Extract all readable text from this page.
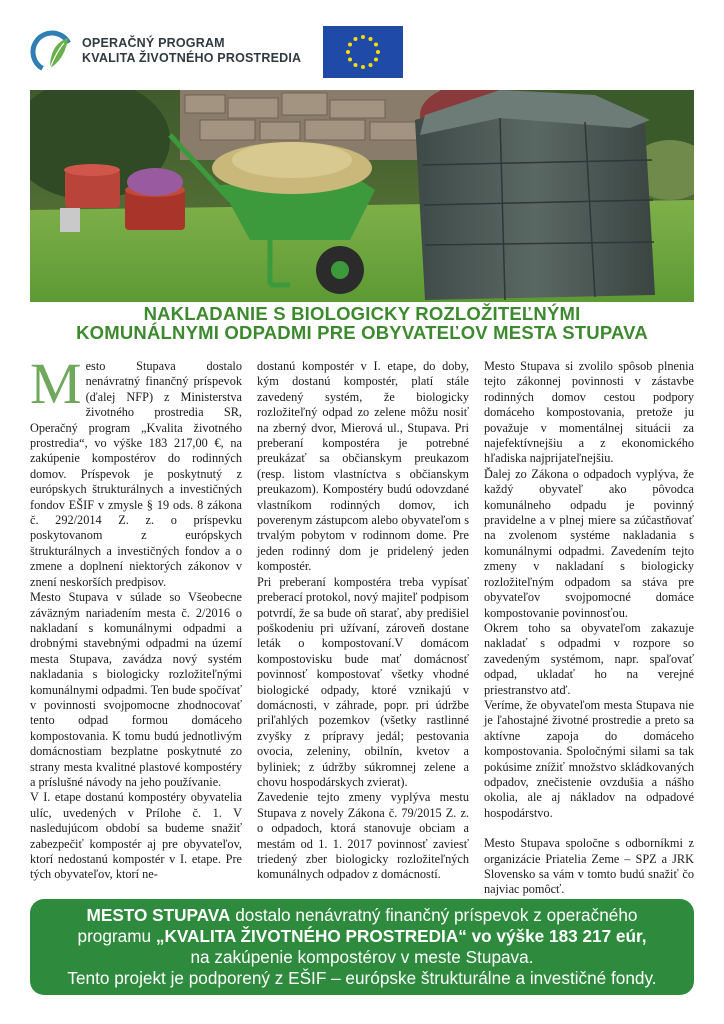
OPERAČNÝ PROGRAM
KVALITA ŽIVOTNÉHO PROSTREDIA
NAKLADANIE S BIOLOGICKY ROZLOŽITEĽNÝMI
KOMUNÁLNYMI ODPADMI PRE OBYVATEĽOV MESTA STUPAVA

Mesto Stupava dostalo nenávratný finančný príspevok (ďalej NFP) z Ministerstva životného prostredia SR, Operačný program „Kvalita životného prostredia“, vo výške 183 217,00 €, na zakúpenie kompostérov do rodinných domov. Príspevok je poskytnutý z európskych štrukturálnych a investičných fondov EŠIF v zmysle § 19 ods. 8 zákona č. 292/2014 Z. z. o príspevku poskytovanom z európskych štrukturálnych a investičných fondov a o zmene a doplnení niektorých zákonov v znení neskorších predpisov.

Mesto Stupava v súlade so Všeobecne záväzným nariadením mesta č. 2/2016 o nakladaní s komunálnymi odpadmi a drobnými stavebnými odpadmi na území mesta Stupava, zavádza nový systém nakladania s biologicky rozložiteľnými komunálnymi odpadmi. Ten bude spočívať v povinnosti svojpomocne zhodnocovať tento odpad formou domáceho kompostovania. K tomu budú jednotlivým domácnostiam bezplatne poskytnuté zo strany mesta kvalitné plastové kompostéry a príslušné návody na jeho používanie.

V I. etape dostanú kompostéry obyvatelia ulíc, uvedených v Prílohe č. 1. V nasledujúcom období sa budeme snažiť zabezpečiť kompostér aj pre obyvateľov, ktorí nedostanú kompostér v I. etape. Pre tých obyvateľov, ktorí ne-

dostanú kompostér v I. etape, do doby, kým dostanú kompostér, platí stále zavedený systém, že biologicky rozložiteľný odpad zo zelene môžu nosiť na zberný dvor, Mierová ul., Stupava. Pri preberaní kompostéra je potrebné preukázať sa občianskym preukazom (resp. listom vlastníctva s občianskym preukazom). Kompostéry budú odovzdané vlastníkom rodinných domov, ich poverenym zástupcom alebo obyvateľom s trvalým pobytom v rodinnom dome. Pre jeden rodinný dom je pridelený jeden kompostér.

Pri preberaní kompostéra treba vypísať preberací protokol, nový majiteľ podpisom potvrdí, že sa bude oň starať, aby predišiel poškodeniu pri užívaní, zároveň dostane leták o kompostovaní.V domácom kompostovisku bude mať domácnosť povinnosť kompostovať všetky vhodné biologické odpady, ktoré vznikajú v domácnosti, v záhrade, popr. pri údržbe priľahlých pozemkov (všetky rastlinné zvyšky z prípravy jedál; pestovania ovocia, zeleniny, obilnín, kvetov a byliniek; z údržby súkromnej zelene a chovu hospodárskych zvierat).

Zavedenie tejto zmeny vyplýva mestu Stupava z novely Zákona č. 79/2015 Z. z. o odpadoch, ktorá stanovuje obciam a mestám od 1. 1. 2017 povinnosť zaviesť triedený zber biologicky rozložiteľných komunálnych odpadov z domácností.

Mesto Stupava si zvolilo spôsob plnenia tejto zákonnej povinnosti v zástavbe rodinných domov cestou podpory domáceho kompostovania, pretože ju považuje v momentálnej situácii za najefektívnejšiu a z ekonomického hľadiska najprijateľnejšiu.

Ďalej zo Zákona o odpadoch vyplýva, že každý obyvateľ ako pôvodca komunálneho odpadu je povinný pravidelne a v plnej miere sa zúčastňovať na zvolenom systéme nakladania s komunálnymi odpadmi. Zavedením tejto zmeny v nakladaní s biologicky rozložiteľným odpadom sa stáva pre obyvateľov svojpomocné domáce kompostovanie povinnosťou.

Okrem toho sa obyvateľom zakazuje nakladať s odpadmi v rozpore so zavedeným systémom, napr. spaľovať odpad, ukladať ho na verejné priestranstvo atď.

Veríme, že obyvateľom mesta Stupava nie je ľahostajné životné prostredie a preto sa aktívne zapoja do domáceho kompostovania. Spoločnými silami sa tak pokúsime znížiť množstvo skládkovaných odpadov, znečistenie ovzdušia a nášho okolia, ale aj nákladov na odpadové hospodárstvo.

Mesto Stupava spoločne s odborníkmi z organizácie Priatelia Zeme – SPZ a JRK Slovensko sa vám v tomto budú snažiť čo najviac pomôcť.

MESTO STUPAVA dostalo nenávratný finančný príspevok z operačného
programu „KVALITA ŽIVOTNÉHO PROSTREDIA“ vo výške 183 217 eúr,
na zakúpenie kompostérov v meste Stupava.
Tento projekt je podporený z EŠIF – európske štrukturálne a investičné fondy.
